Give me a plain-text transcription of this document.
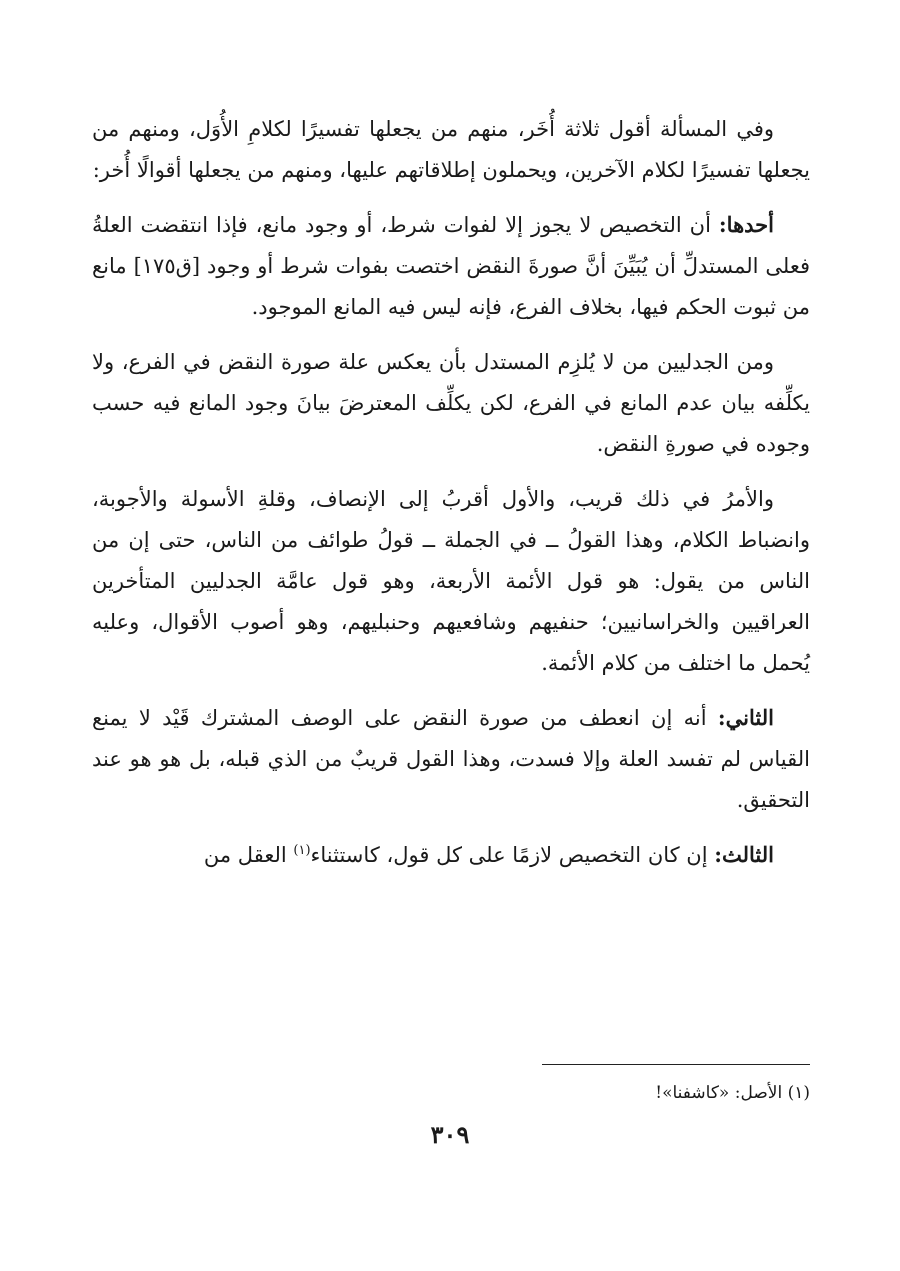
وفي المسألة أقول ثلاثة أُخَر، منهم من يجعلها تفسيرًا لكلامِ الأُوَل، ومنهم من يجعلها تفسيرًا لكلام الآخرين، ويحملون إطلاقاتهم عليها، ومنهم من يجعلها أقوالًا أُخر:

أحدها: أن التخصيص لا يجوز إلا لفوات شرط، أو وجود مانع، فإذا انتقضت العلةُ فعلى المستدلِّ أن يُبَيِّنَ أنَّ صورةَ النقض اختصت بفوات شرط أو وجود [ق١٧٥] مانع من ثبوت الحكم فيها، بخلاف الفرع، فإنه ليس فيه المانع الموجود.

ومن الجدليين من لا يُلزِم المستدل بأن يعكس علة صورة النقض في الفرع، ولا يكلِّفه بيان عدم المانع في الفرع، لكن يكلِّف المعترضَ بيانَ وجود المانع فيه حسب وجوده في صورةِ النقض.

والأمرُ في ذلك قريب، والأول أقربُ إلى الإنصاف، وقلةِ الأسولة والأجوبة، وانضباط الكلام، وهذا القولُ ــ في الجملة ــ قولُ طوائف من الناس، حتى إن من الناس من يقول: هو قول الأئمة الأربعة، وهو قول عامَّة الجدليين المتأخرين العراقيين والخراسانيين؛ حنفيهم وشافعيهم وحنبليهم، وهو أصوب الأقوال، وعليه يُحمل ما اختلف من كلام الأئمة.

الثاني: أنه إن انعطف من صورة النقض على الوصف المشترك قَيْد لا يمنع القياس لم تفسد العلة وإلا فسدت، وهذا القول قريبٌ من الذي قبله، بل هو هو عند التحقيق.

الثالث: إن كان التخصيص لازمًا على كل قول، كاستثناء$^{(١)}$ العقل من

(١) الأصل: «كاشفنا»!
٣٠٩
